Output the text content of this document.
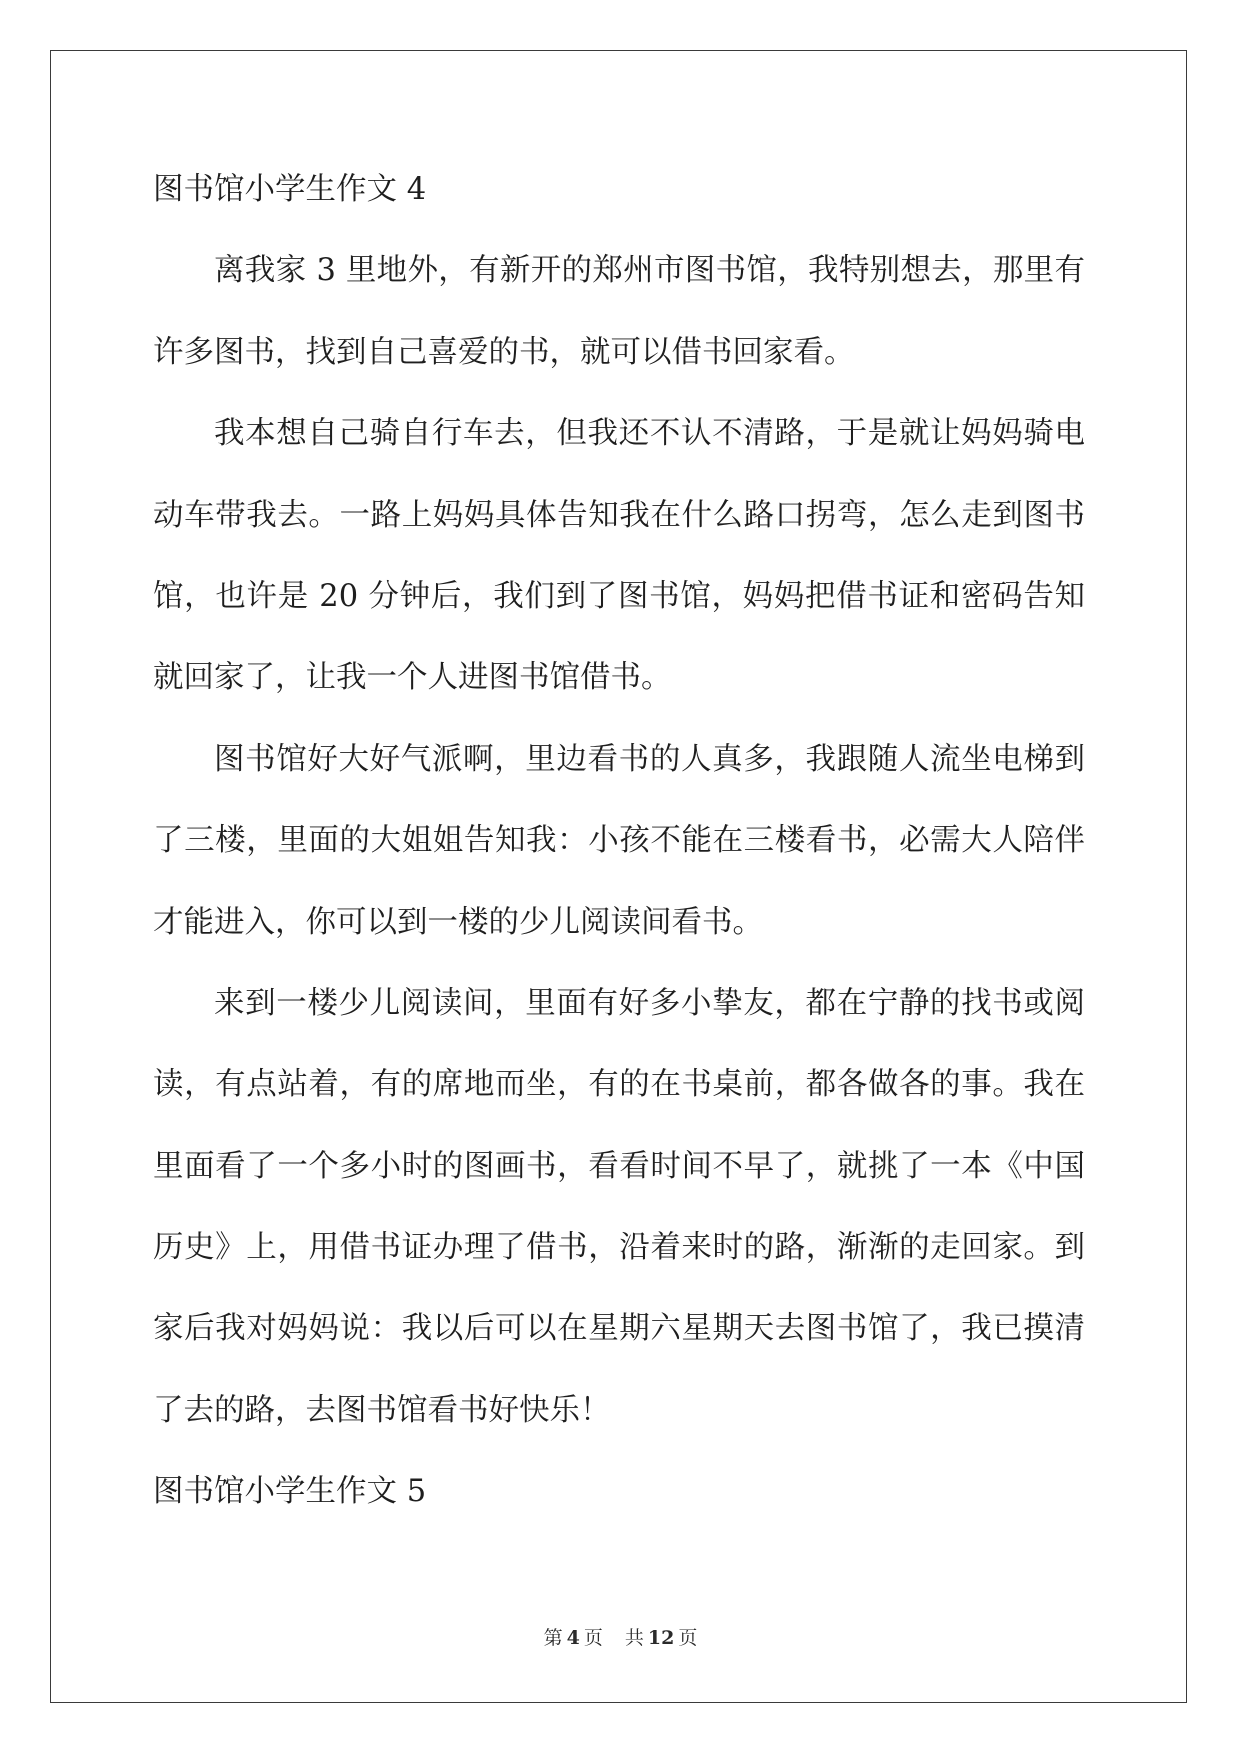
图书馆小学生作文 4
离我家 3 里地外，有新开的郑州市图书馆，我特别想去，那里有
许多图书，找到自己喜爱的书，就可以借书回家看。
我本想自己骑自行车去，但我还不认不清路，于是就让妈妈骑电
动车带我去。一路上妈妈具体告知我在什么路口拐弯，怎么走到图书
馆，也许是 20 分钟后，我们到了图书馆，妈妈把借书证和密码告知
就回家了，让我一个人进图书馆借书。
图书馆好大好气派啊，里边看书的人真多，我跟随人流坐电梯到
了三楼，里面的大姐姐告知我：小孩不能在三楼看书，必需大人陪伴
才能进入，你可以到一楼的少儿阅读间看书。
来到一楼少儿阅读间，里面有好多小挚友，都在宁静的找书或阅
读，有点站着，有的席地而坐，有的在书桌前，都各做各的事。我在
里面看了一个多小时的图画书，看看时间不早了，就挑了一本《中国
历史》上，用借书证办理了借书，沿着来时的路，渐渐的走回家。到
家后我对妈妈说：我以后可以在星期六星期天去图书馆了，我已摸清
了去的路，去图书馆看书好快乐！
图书馆小学生作文 5
第 4 页 共 12 页
